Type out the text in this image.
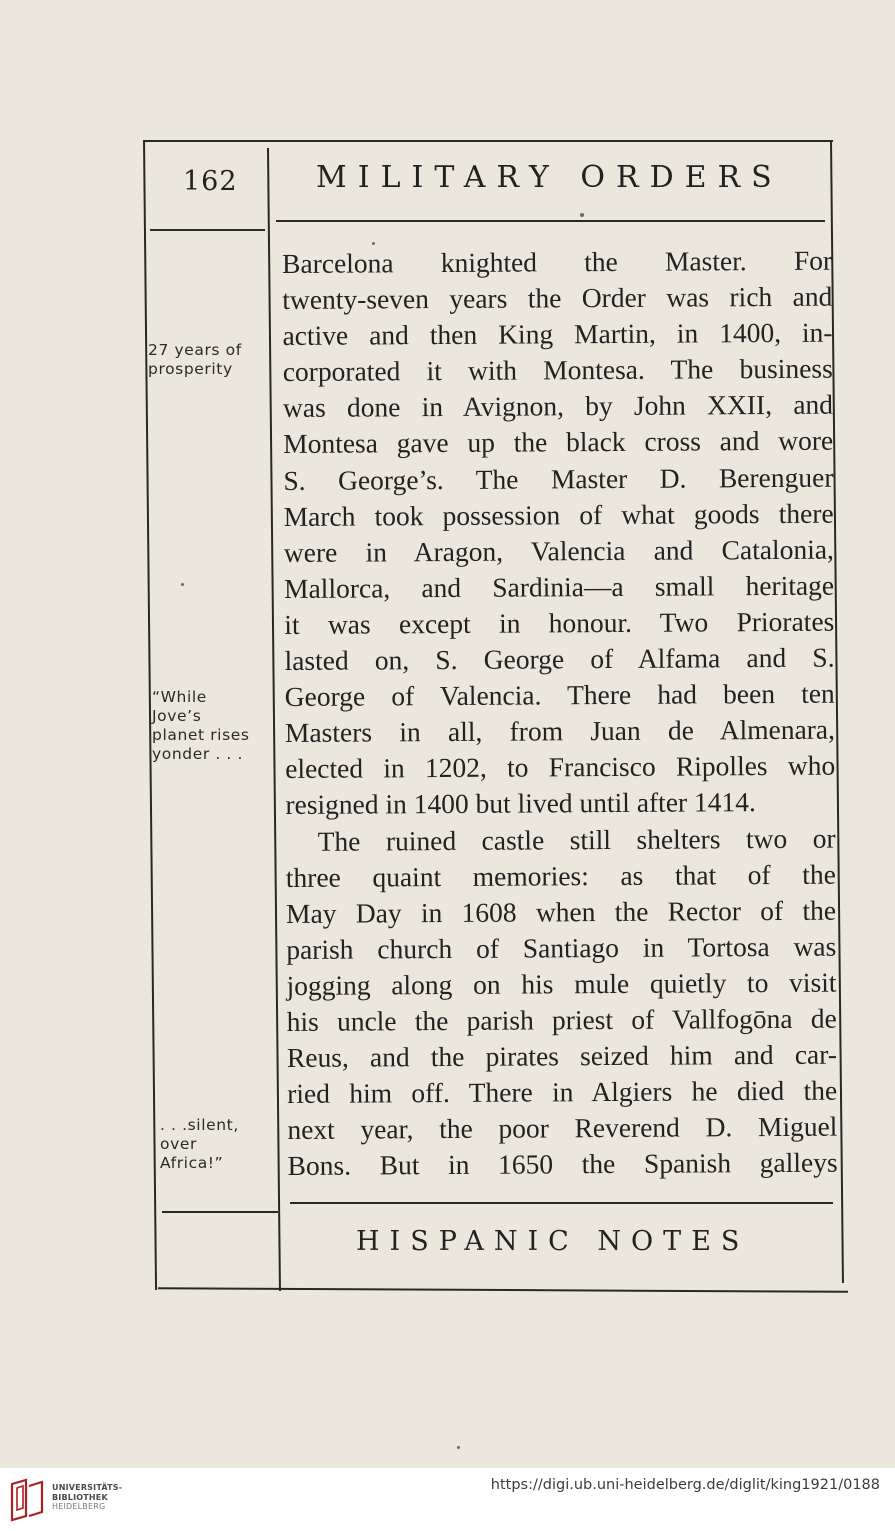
162	MILITARY ORDERS
Barcelona knighted the Master. For
twenty-seven years the Order was rich and
active and then King Martin, in 1400, in-
corporated it with Montesa. The business
was done in Avignon, by John XXII, and
Montesa gave up the black cross and wore
S. George’s. The Master D. Berenguer
March took possession of what goods there
were in Aragon, Valencia and Catalonia,
Mallorca, and Sardinia—a small heritage
it was except in honour. Two Priorates
lasted on, S. George of Alfama and S.
George of Valencia. There had been ten
Masters in all, from Juan de Almenara,
elected in 1202, to Francisco Ripolles who
resigned in 1400 but lived until after 1414.
The ruined castle still shelters two or
three quaint memories: as that of the
May Day in 1608 when the Rector of the
parish church of Santiago in Tortosa was
jogging along on his mule quietly to visit
his uncle the parish priest of Vallfogōna de
Reus, and the pirates seized him and car-
ried him off. There in Algiers he died the
next year, the poor Reverend D. Miguel
Bons. But in 1650 the Spanish galleys
27 years of
prosperity
“While
Jove’s
planet rises
yonder . . .
. . .silent,
over
Africa!”
HISPANIC NOTES
UNIVERSITÄTS-
BIBLIOTHEK
HEIDELBERG
https://digi.ub.uni-heidelberg.de/diglit/king1921/0188
